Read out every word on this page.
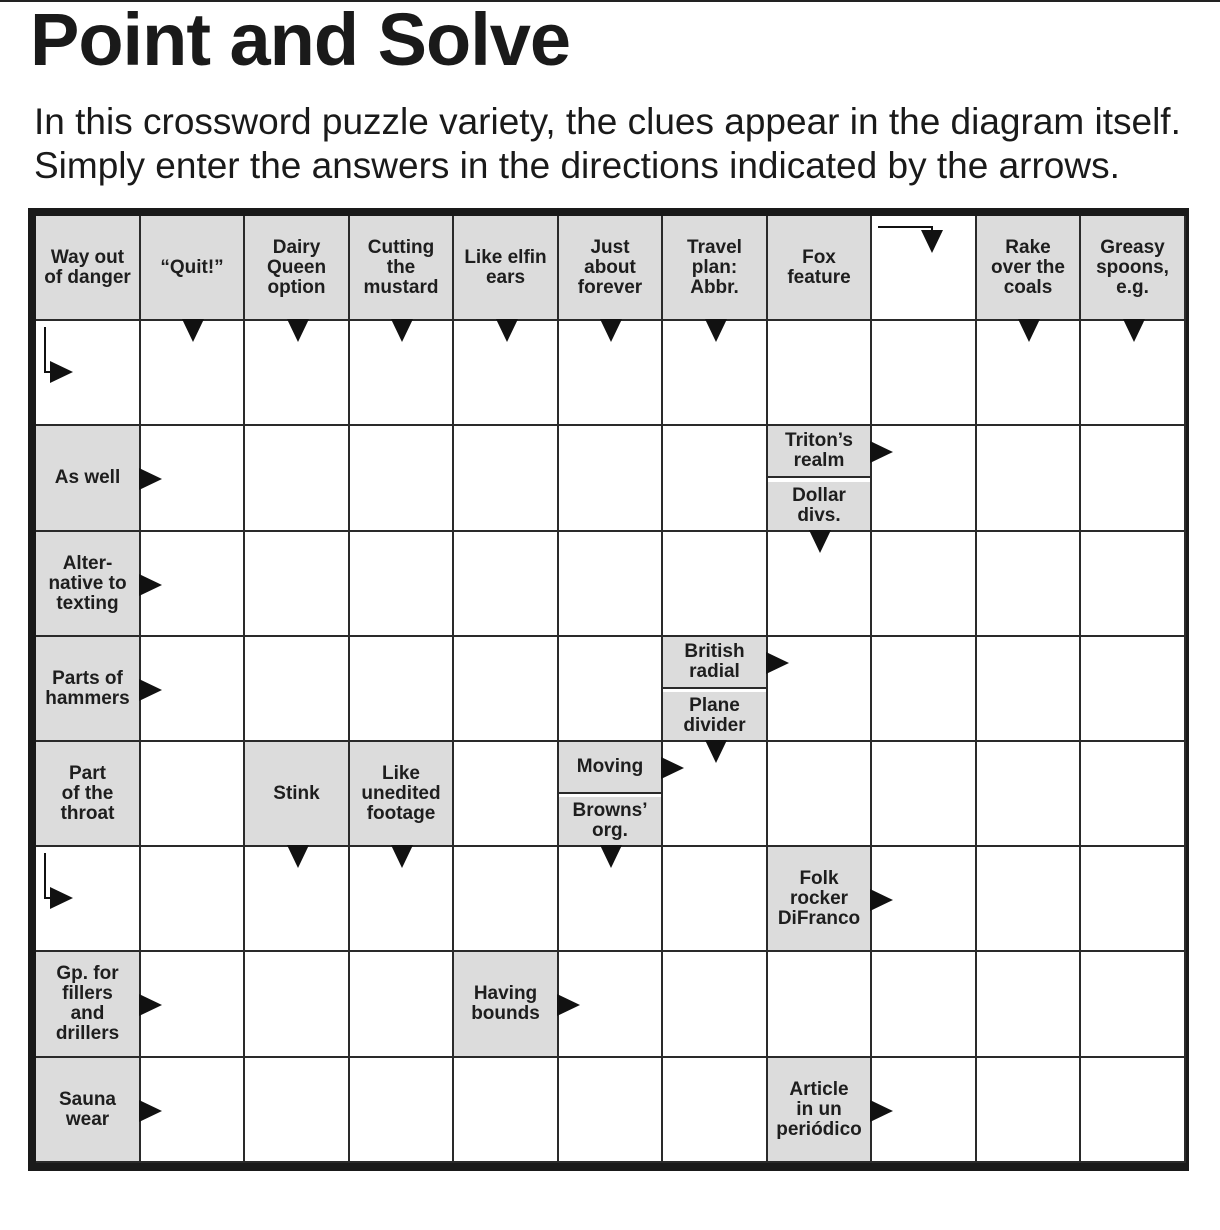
Point and Solve

In this crossword puzzle variety, the clues appear in the diagram itself.
Simply enter the answers in the directions indicated by the arrows.

Way out
of danger “Quit!”
Dairy
Queen
option
Cutting
the
mustard
Like elfin
ears
Just
about
forever
Travel
plan:
Abbr.
Fox
feature
Rake
over the
coals
Greasy
spoons,
e.g.
As well
Triton’s
realm
Dollar
divs.
Alter-
native to
texting
Parts of
hammers
British
radial
Plane
divider
Part
of the
throat
Stink
Like
unedited
footage
Moving
Browns’
org.
Folk
rocker
DiFranco
Gp. for
fillers
and
drillers
Having
bounds
Sauna
wear
Article
in un
periódico
